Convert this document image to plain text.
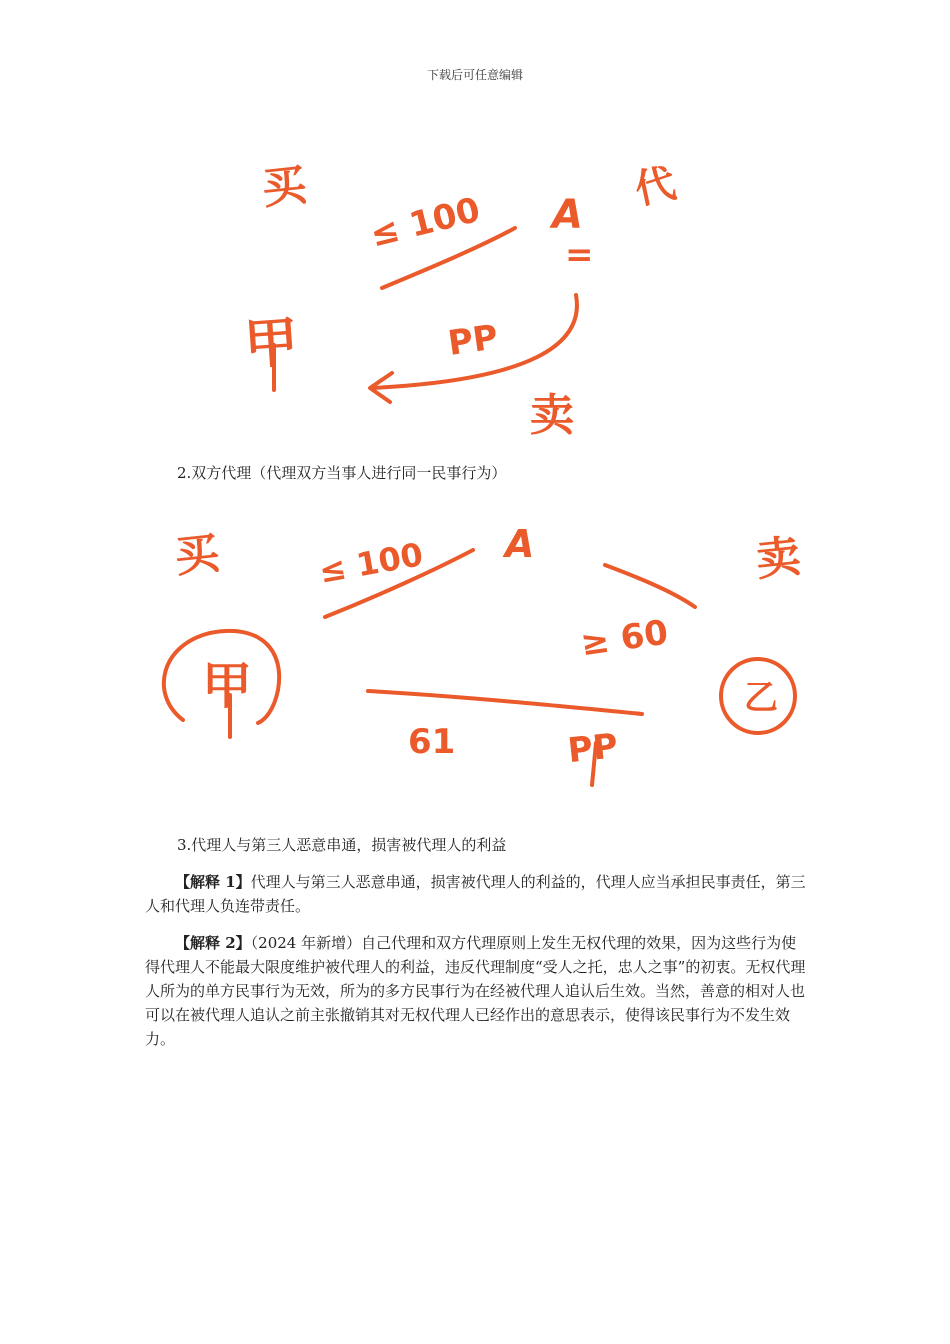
下载后可任意编辑
买	代
≤ 100 A
=
甲	PP
卖
2.双方代理（代理双方当事人进行同一民事行为）
买	≤ 100 A	卖
≥ 60
甲	乙
61	PP
3.代理人与第三人恶意串通，损害被代理人的利益

【解释 1】代理人与第三人恶意串通，损害被代理人的利益的，代理人应当承担民事责任，第三人和代理人负连带责任。

【解释 2】（2024 年新增）自己代理和双方代理原则上发生无权代理的效果，因为这些行为使得代理人不能最大限度维护被代理人的利益，违反代理制度“受人之托，忠人之事”的初衷。无权代理人所为的单方民事行为无效，所为的多方民事行为在经被代理人追认后生效。当然，善意的相对人也可以在被代理人追认之前主张撤销其对无权代理人已经作出的意思表示，使得该民事行为不发生效力。
